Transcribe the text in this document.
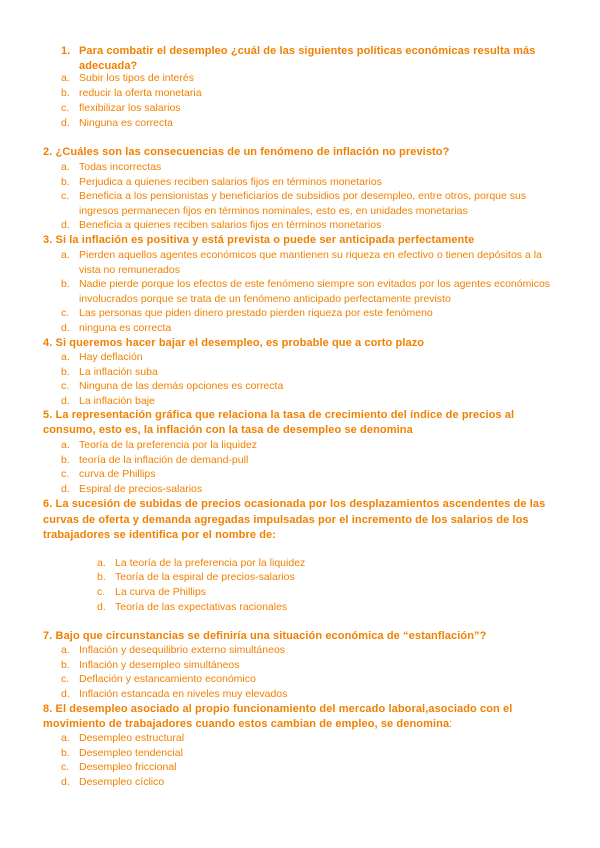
1. Para combatir el desempleo ¿cuál de las siguientes políticas económicas resulta más adecuada?
a. Subir los tipos de interés
b. reducir la oferta monetaria
c. flexibilizar los salarios
d. Ninguna es correcta
2. ¿Cuáles son las consecuencias de un fenómeno de inflación no previsto?
a. Todas incorrectas
b. Perjudica a quienes reciben salarios fijos en términos monetarios
c. Beneficia a los pensionistas y beneficiarios de subsidios por desempleo, entre otros, porque sus ingresos permanecen fijos en términos nominales, esto es, en unidades monetarias
d. Beneficia a quienes reciben salarios fijos en términos monetarios
3. Si la inflación es positiva y está prevista o puede ser anticipada perfectamente
a. Pierden aquellos agentes económicos que mantienen su riqueza en efectivo o tienen depósitos a la vista no remunerados
b. Nadie pierde porque los efectos de este fenómeno siempre son evitados por los agentes económicos involucrados porque se trata de un fenómeno anticipado perfectamente previsto
c. Las personas que piden dinero prestado pierden riqueza por este fenómeno
d. ninguna es correcta
4. Si queremos hacer bajar el desempleo, es probable que a corto plazo
a. Hay deflación
b. La inflación suba
c. Ninguna de las demás opciones es correcta
d. La inflación baje
5. La representación gráfica que relaciona la tasa de crecimiento del índice de precios al consumo, esto es, la inflación con la tasa de desempleo se denomina
a. Teoría de la preferencia por la liquidez
b. teoría de la inflación de demand-pull
c. curva de Phillips
d. Espiral de precios-salarios
6. La sucesión de subidas de precios ocasionada por los desplazamientos ascendentes de las curvas de oferta y demanda agregadas impulsadas por el incremento de los salarios de los trabajadores se identifica por el nombre de:
a. La teoría de la preferencia por la liquidez
b. Teoría de la espiral de precios-salarios
c. La curva de Phillips
d. Teoría de las expectativas racionales
7. Bajo que circunstancias se definiría una situación económica de “estanflación”?
a. Inflación y desequilibrio externo simultáneos
b. Inflación y desempleo simultáneos
c. Deflación y estancamiento económico
d. Inflación estancada en niveles muy elevados
8. El desempleo asociado al propio funcionamiento del mercado laboral,asociado con el movimiento de trabajadores cuando estos cambian de empleo, se denomina:
a. Desempleo estructural
b. Desempleo tendencial
c. Desempleo friccional
d. Desempleo cíclico
